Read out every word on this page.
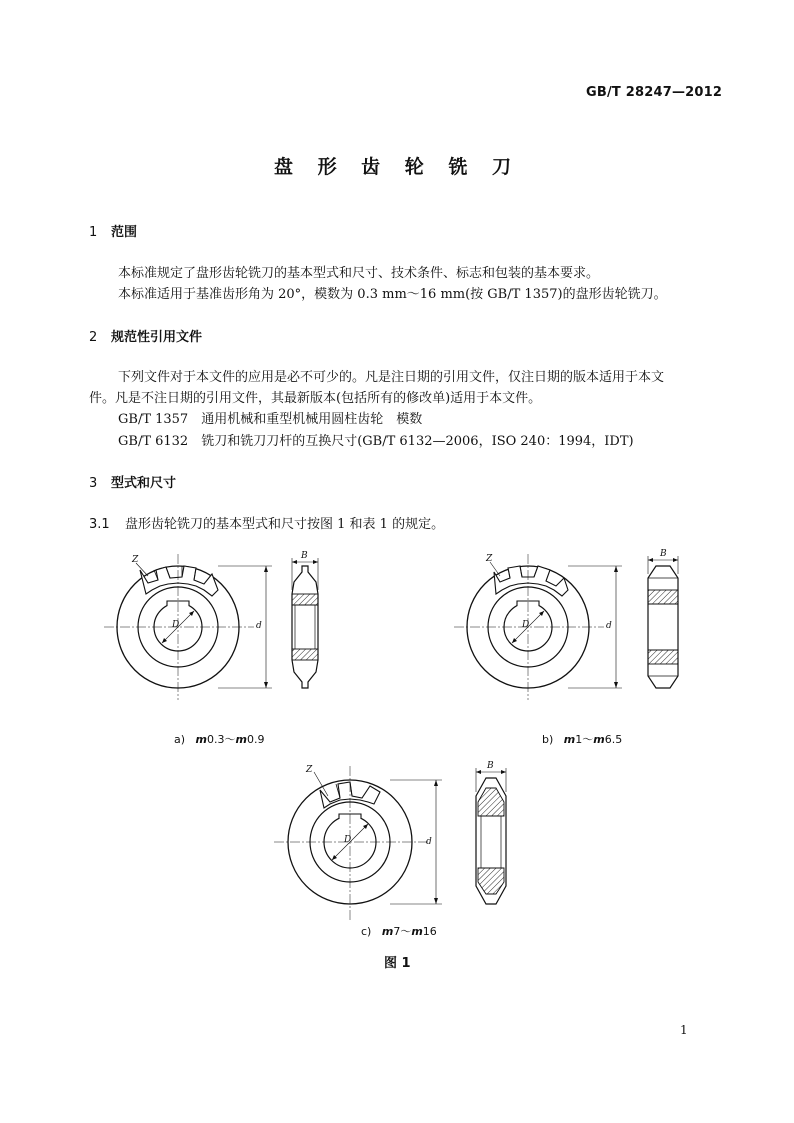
GB/T 28247—2012
盘 形 齿 轮 铣 刀
1 范围
本标准规定了盘形齿轮铣刀的基本型式和尺寸、技术条件、标志和包装的基本要求。
本标准适用于基准齿形角为 20°，模数为 0.3 mm～16 mm(按 GB/T 1357)的盘形齿轮铣刀。
2 规范性引用文件
下列文件对于本文件的应用是必不可少的。凡是注日期的引用文件，仅注日期的版本适用于本文
件。凡是不注日期的引用文件，其最新版本(包括所有的修改单)适用于本文件。
GB/T 1357　通用机械和重型机械用圆柱齿轮　模数
GB/T 6132　铣刀和铣刀刀杆的互换尺寸(GB/T 6132—2006，ISO 240：1994，IDT)
3 型式和尺寸
3.1 盘形齿轮铣刀的基本型式和尺寸按图 1 和表 1 的规定。
D
Z
d
B
D
Z
d
B
D
Z
d
B
a) m0.3～m0.9	b) m1～m6.5
c) m7～m16
图 1
1
